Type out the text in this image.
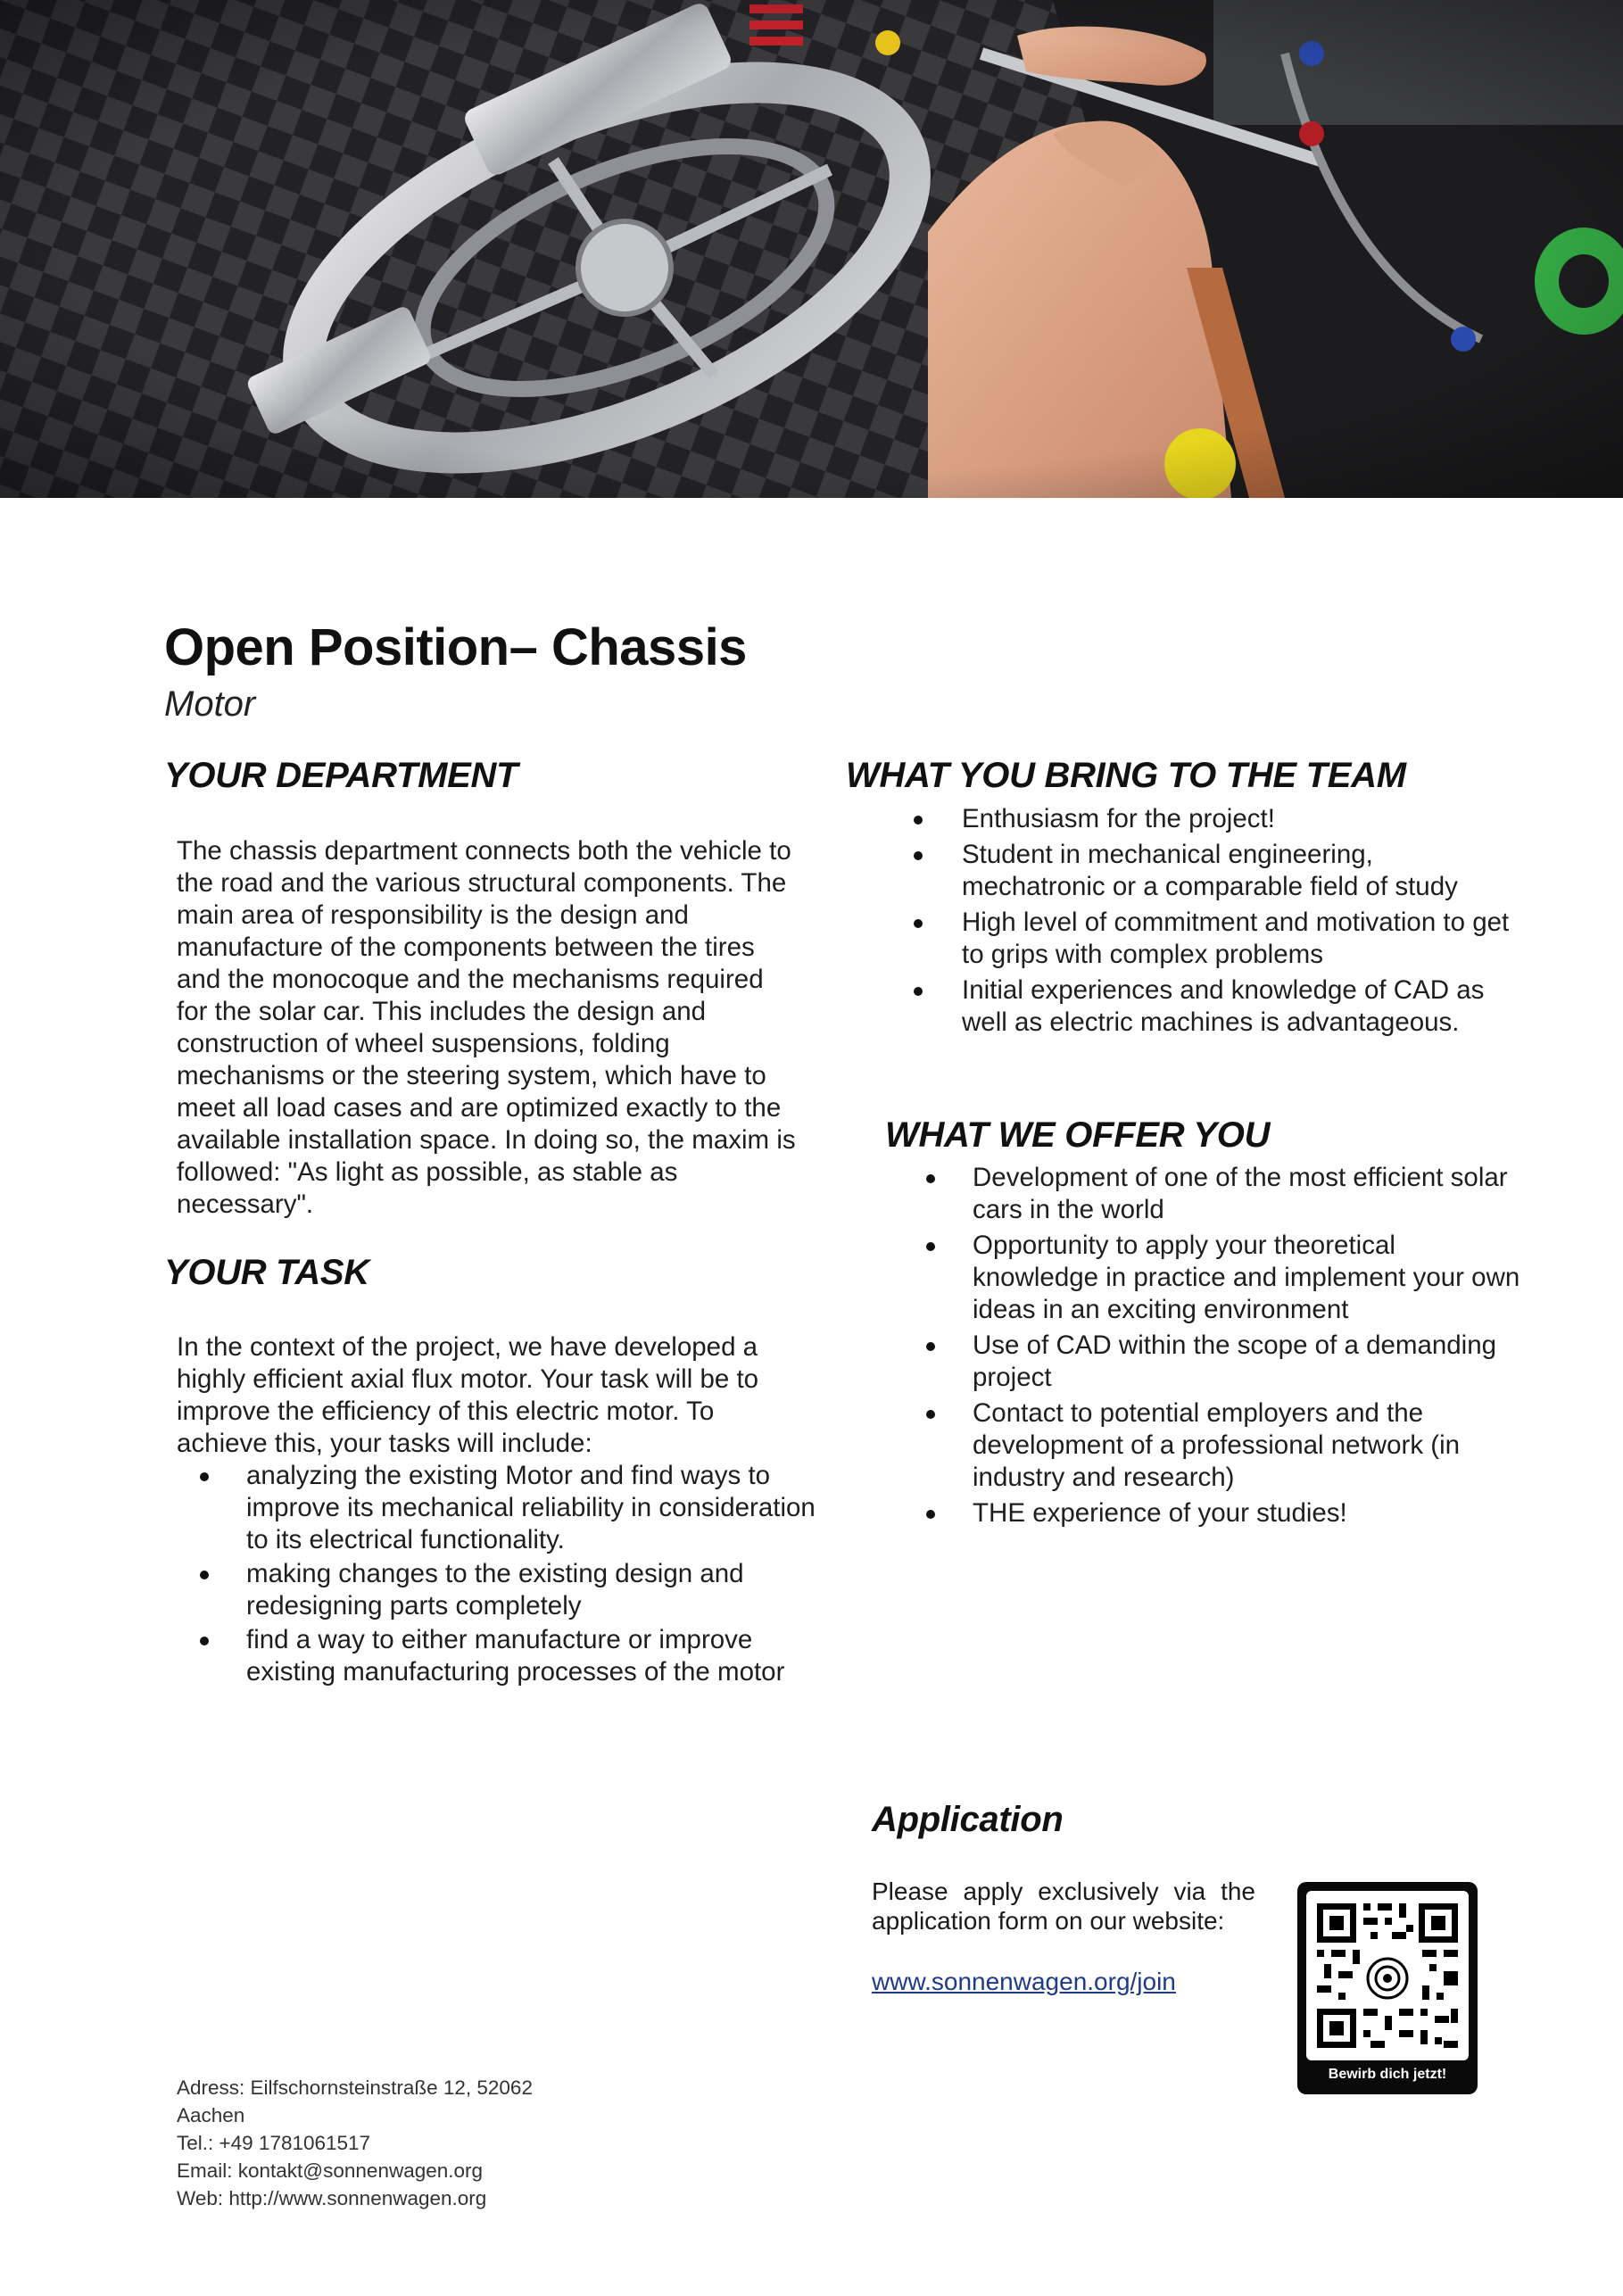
Open Position– Chassis
Motor
YOUR DEPARTMENT
The chassis department connects both the vehicle to the road and the various structural components. The main area of responsibility is the design and manufacture of the components between the tires and the monocoque and the mechanisms required for the solar car. This includes the design and construction of wheel suspensions, folding mechanisms or the steering system, which have to meet all load cases and are optimized exactly to the available installation space. In doing so, the maxim is followed: "As light as possible, as stable as necessary".
YOUR TASK
In the context of the project, we have developed a highly efficient axial flux motor. Your task will be to improve the efficiency of this electric motor. To achieve this, your tasks will include:
analyzing the existing Motor and find ways to improve its mechanical reliability in consideration to its electrical functionality.
making changes to the existing design and redesigning parts completely
find a way to either manufacture or improve existing manufacturing processes of the motor
WHAT YOU BRING TO THE TEAM
Enthusiasm for the project!
Student in mechanical engineering, mechatronic or a comparable field of study
High level of commitment and motivation to get to grips with complex problems
Initial experiences and knowledge of CAD as well as electric machines is advantageous.
WHAT WE OFFER YOU
Development of one of the most efficient solar cars in the world
Opportunity to apply your theoretical knowledge in practice and implement your own ideas in an exciting environment
Use of CAD within the scope of a demanding project
Contact to potential employers and the development of a professional network (in industry and research)
THE experience of your studies!
Application
Please apply exclusively via the application form on our website:
www.sonnenwagen.org/join
Bewirb dich jetzt!
Adress: Eilfschornsteinstraße 12, 52062
Aachen
Tel.: +49 1781061517
Email: kontakt@sonnenwagen.org
Web: http://www.sonnenwagen.org
